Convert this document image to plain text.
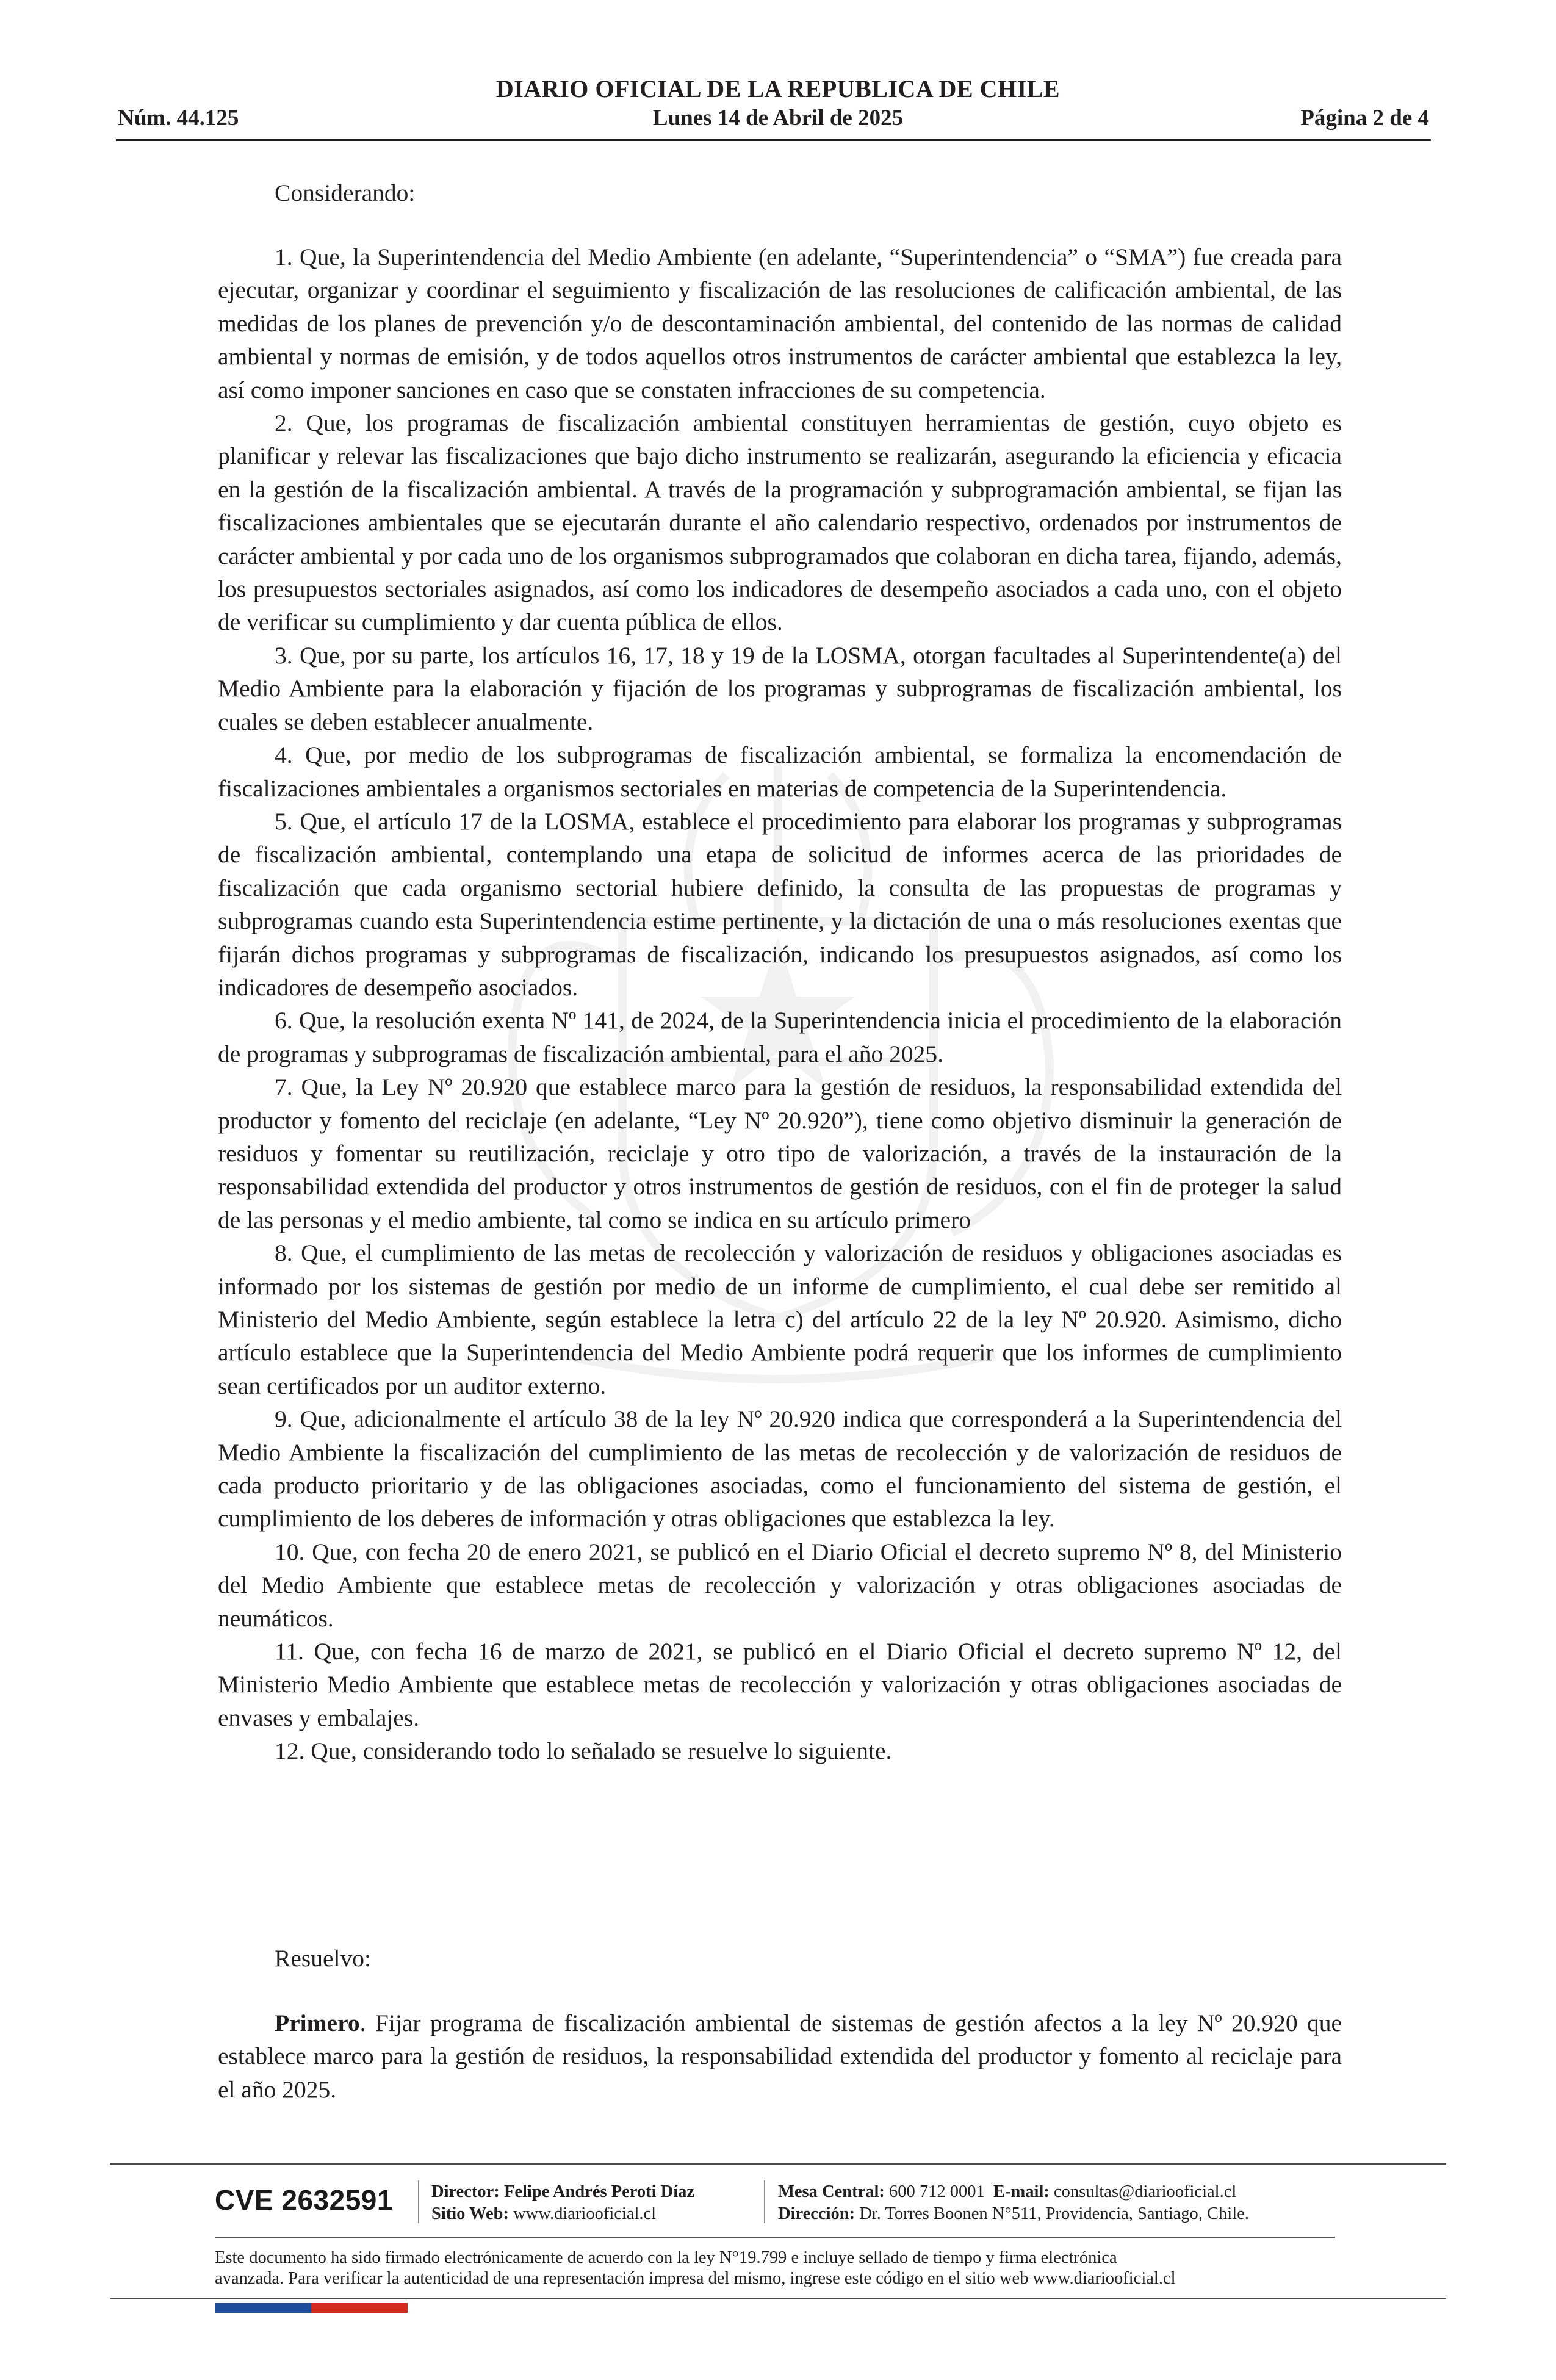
DIARIO OFICIAL DE LA REPUBLICA DE CHILE
Núm. 44.125	Lunes 14 de Abril de 2025	Página 2 de 4
Considerando:

1. Que, la Superintendencia del Medio Ambiente (en adelante, “Superintendencia” o “SMA”) fue creada para ejecutar, organizar y coordinar el seguimiento y fiscalización de las resoluciones de calificación ambiental, de las medidas de los planes de prevención y/o de descontaminación ambiental, del contenido de las normas de calidad ambiental y normas de emisión, y de todos aquellos otros instrumentos de carácter ambiental que establezca la ley, así como imponer sanciones en caso que se constaten infracciones de su competencia.

2. Que, los programas de fiscalización ambiental constituyen herramientas de gestión, cuyo objeto es planificar y relevar las fiscalizaciones que bajo dicho instrumento se realizarán, asegurando la eficiencia y eficacia en la gestión de la fiscalización ambiental. A través de la programación y subprogramación ambiental, se fijan las fiscalizaciones ambientales que se ejecutarán durante el año calendario respectivo, ordenados por instrumentos de carácter ambiental y por cada uno de los organismos subprogramados que colaboran en dicha tarea, fijando, además, los presupuestos sectoriales asignados, así como los indicadores de desempeño asociados a cada uno, con el objeto de verificar su cumplimiento y dar cuenta pública de ellos.

3. Que, por su parte, los artículos 16, 17, 18 y 19 de la LOSMA, otorgan facultades al Superintendente(a) del Medio Ambiente para la elaboración y fijación de los programas y subprogramas de fiscalización ambiental, los cuales se deben establecer anualmente.

4. Que, por medio de los subprogramas de fiscalización ambiental, se formaliza la encomendación de fiscalizaciones ambientales a organismos sectoriales en materias de competencia de la Superintendencia.

5. Que, el artículo 17 de la LOSMA, establece el procedimiento para elaborar los programas y subprogramas de fiscalización ambiental, contemplando una etapa de solicitud de informes acerca de las prioridades de fiscalización que cada organismo sectorial hubiere definido, la consulta de las propuestas de programas y subprogramas cuando esta Superintendencia estime pertinente, y la dictación de una o más resoluciones exentas que fijarán dichos programas y subprogramas de fiscalización, indicando los presupuestos asignados, así como los indicadores de desempeño asociados.

6. Que, la resolución exenta Nº 141, de 2024, de la Superintendencia inicia el procedimiento de la elaboración de programas y subprogramas de fiscalización ambiental, para el año 2025.

7. Que, la Ley Nº 20.920 que establece marco para la gestión de residuos, la responsabilidad extendida del productor y fomento del reciclaje (en adelante, “Ley Nº 20.920”), tiene como objetivo disminuir la generación de residuos y fomentar su reutilización, reciclaje y otro tipo de valorización, a través de la instauración de la responsabilidad extendida del productor y otros instrumentos de gestión de residuos, con el fin de proteger la salud de las personas y el medio ambiente, tal como se indica en su artículo primero

8. Que, el cumplimiento de las metas de recolección y valorización de residuos y obligaciones asociadas es informado por los sistemas de gestión por medio de un informe de cumplimiento, el cual debe ser remitido al Ministerio del Medio Ambiente, según establece la letra c) del artículo 22 de la ley Nº 20.920. Asimismo, dicho artículo establece que la Superintendencia del Medio Ambiente podrá requerir que los informes de cumplimiento sean certificados por un auditor externo.

9. Que, adicionalmente el artículo 38 de la ley Nº 20.920 indica que corresponderá a la Superintendencia del Medio Ambiente la fiscalización del cumplimiento de las metas de recolección y de valorización de residuos de cada producto prioritario y de las obligaciones asociadas, como el funcionamiento del sistema de gestión, el cumplimiento de los deberes de información y otras obligaciones que establezca la ley.

10. Que, con fecha 20 de enero 2021, se publicó en el Diario Oficial el decreto supremo Nº 8, del Ministerio del Medio Ambiente que establece metas de recolección y valorización y otras obligaciones asociadas de neumáticos.

11. Que, con fecha 16 de marzo de 2021, se publicó en el Diario Oficial el decreto supremo Nº 12, del Ministerio Medio Ambiente que establece metas de recolección y valorización y otras obligaciones asociadas de envases y embalajes.

12. Que, considerando todo lo señalado se resuelve lo siguiente.

Resuelvo:

Primero. Fijar programa de fiscalización ambiental de sistemas de gestión afectos a la ley Nº 20.920 que establece marco para la gestión de residuos, la responsabilidad extendida del productor y fomento al reciclaje para el año 2025.

CVE 2632591 Director: Felipe Andrés Peroti Díaz
Sitio Web: www.diariooficial.cl
Mesa Central: 600 712 0001 E-mail: consultas@diariooficial.cl
Dirección: Dr. Torres Boonen N°511, Providencia, Santiago, Chile.
Este documento ha sido firmado electrónicamente de acuerdo con la ley N°19.799 e incluye sellado de tiempo y firma electrónica
avanzada. Para verificar la autenticidad de una representación impresa del mismo, ingrese este código en el sitio web www.diariooficial.cl
